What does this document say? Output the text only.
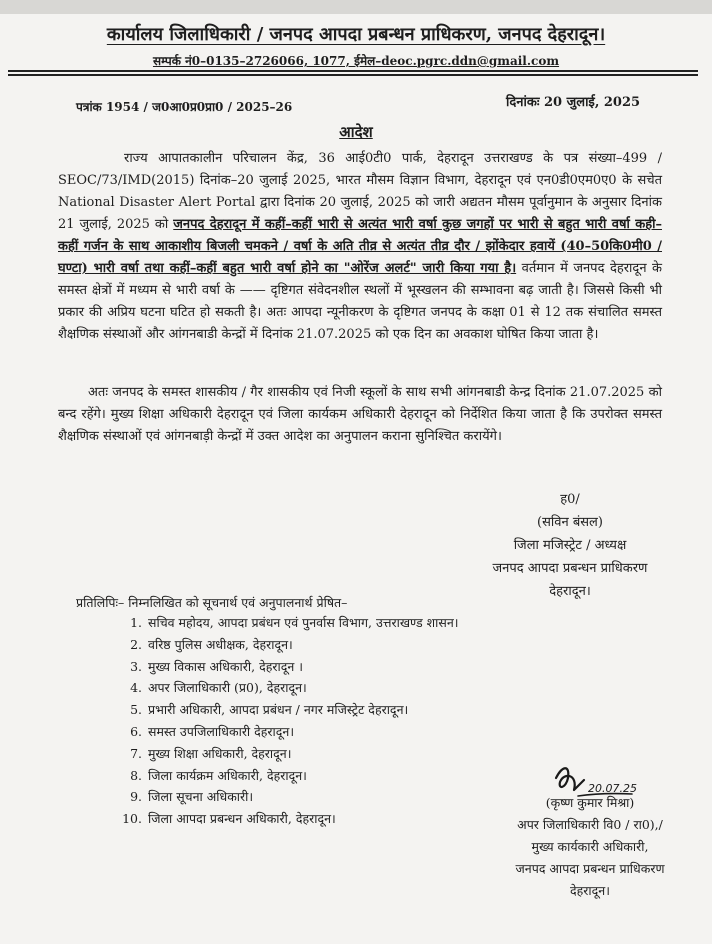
कार्यालय जिलाधिकारी / जनपद आपदा प्रबन्धन प्राधिकरण, जनपद देहरादून।
सम्पर्क नं0–0135–2726066, 1077, ईमेल–deoc.pgrc.ddn@gmail.com
पत्रांक 1954 / ज0आ0प्र0प्रा0 / 2025–26	दिनांकः 20 जुलाई, 2025
आदेश

राज्य आपातकालीन परिचालन केंद्र, 36 आई0टी0 पार्क, देहरादून उत्तराखण्ड के पत्र संख्या–499 / SEOC/73/IMD(2015) दिनांक–20 जुलाई 2025, भारत मौसम विज्ञान विभाग, देहरादून एवं एन0डी0एम0ए0 के सचेत National Disaster Alert Portal द्वारा दिनांक 20 जुलाई, 2025 को जारी अद्यतन मौसम पूर्वानुमान के अनुसार दिनांक 21 जुलाई, 2025 को जनपद देहरादून में कहीं–कहीं भारी से अत्यंत भारी वर्षा कुछ जगहों पर भारी से बहुत भारी वर्षा कही–कहीं गर्जन के साथ आकाशीय बिजली चमकने / वर्षा के अति तीव्र से अत्यंत तीव्र दौर / झोंकेदार हवायें (40–50कि0मी0 / घण्टा) भारी वर्षा तथा कहीं–कहीं बहुत भारी वर्षा होने का "ओरेंज अलर्ट" जारी किया गया है। वर्तमान में जनपद देहरादून के समस्त क्षेत्रों में मध्यम से भारी वर्षा के —— दृष्टिगत संवेदनशील स्थलों में भूस्खलन की सम्भावना बढ़ जाती है। जिससे किसी भी प्रकार की अप्रिय घटना घटित हो सकती है। अतः आपदा न्यूनीकरण के दृष्टिगत जनपद के कक्षा 01 से 12 तक संचालित समस्त शैक्षणिक संस्थाओं और आंगनबाडी केन्द्रों में दिनांक 21.07.2025 को एक दिन का अवकाश घोषित किया जाता है।

अतः जनपद के समस्त शासकीय / गैर शासकीय एवं निजी स्कूलों के साथ सभी आंगनबाडी केन्द्र दिनांक 21.07.2025 को बन्द रहेंगे। मुख्य शिक्षा अधिकारी देहरादून एवं जिला कार्यकम अधिकारी देहरादून को निर्देशित किया जाता है कि उपरोक्त समस्त शैक्षणिक संस्थाओं एवं आंगनबाड़ी केन्द्रों में उक्त आदेश का अनुपालन कराना सुनिश्चित करायेंगे।

ह0/
(सविन बंसल)
जिला मजिस्ट्रेट / अध्यक्ष
जनपद आपदा प्रबन्धन प्राधिकरण
देहरादून।
प्रतिलिपिः– निम्नलिखित को सूचनार्थ एवं अनुपालनार्थ प्रेषित–
1. सचिव महोदय, आपदा प्रबंधन एवं पुनर्वास विभाग, उत्तराखण्ड शासन।
2. वरिष्ठ पुलिस अधीक्षक, देहरादून।
3. मुख्य विकास अधिकारी, देहरादून ।
4. अपर जिलाधिकारी (प्र0), देहरादून।
5. प्रभारी अधिकारी, आपदा प्रबंधन / नगर मजिस्ट्रेट देहरादून।
6. समस्त उपजिलाधिकारी देहरादून।
7. मुख्य शिक्षा अधिकारी, देहरादून।
8. जिला कार्यक्रम अधिकारी, देहरादून।
9. जिला सूचना अधिकारी।
10. जिला आपदा प्रबन्धन अधिकारी, देहरादून।
20.07.25
(कृष्ण कुमार मिश्रा)
अपर जिलाधिकारी वि0 / रा0),/
मुख्य कार्यकारी अधिकारी,
जनपद आपदा प्रबन्धन प्राधिकरण
देहरादून।
